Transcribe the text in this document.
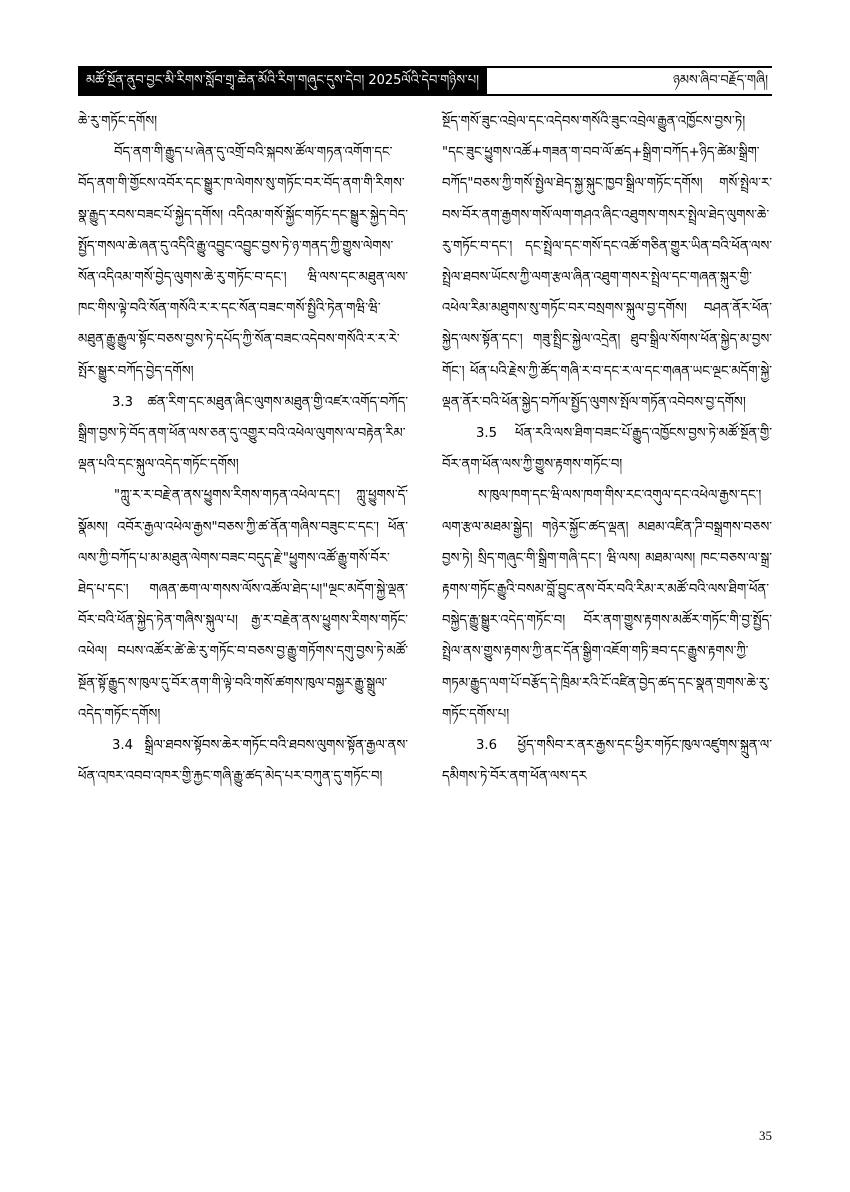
མཚོ་སྔོན་ནུབ་བྱང་མི་རིགས་སློབ་གྲྭ་ཆེན་མོའི་རིག་གཞུང་དུས་དེབ། 2025ལོའི་དེབ་གཉིས་པ།	ཉམས་ཞིབ་བརྗོད་གཞི།

ཆེ་རུ་གཏོང་དགོས།

བོད་ནག་གི་རྒྱུད་པ་ཞེན་དུ་འགྲོ་བའི་སྐབས་ཚོལ་གཏན་འགོག་དང་བོད་ནག་གི་གྱོངས་འབོར་དང་སྒྱུར་ཁ་ལེགས་སུ་གཏོང་བར་བོད་ནག་གི་རིགས་སྣ་རྒྱུད་རབས་བཟང་པོ་སྐྱེད་དགོས། འདིའམ་གསོ་སྐྱོང་གཏོང་དང་སྒྱུར་སྐྱེད་བེད་སྤྱོད་གསལ་ཆེ་ཞན་དུ་འདིའི་རྒྱུ་འབྱུང་འབྱུང་བྱས་ཏེ་ཉ་གནད་ཀྱི་གྱུས་ལེགས་སོན་འདིའམ་གསོ་བྱེད་ལུགས་ཆེ་རུ་གཏོང་བ་དང་། ཝི་ལས་དང་མཐུན་ལས་ཁང་གིས་ལྟེ་བའི་སོན་གསོའི་ར་ར་དང་སོན་བཟང་གསོ་སྤྱིའི་ཏེན་གཝི་ཝི་མཐུན་རྒྱུ་རྒྱུལ་སྟོང་བཅས་བྱས་ཏེ་དཔོད་ཀྱི་སོན་བཟང་འདེབས་གསོའི་ར་ར་རེ་སྤོར་སྒྱུར་བཀོད་བྱེད་དགོས།

3.3 ཚན་རིག་དང་མཐུན་ཞིང་ལུགས་མཐུན་གྱི་འཛར་འགོད་བཀོད་སྒྲིག་བྱས་ཏེ་བོད་ནག་ཕོན་ལས་ཅན་དུ་འགྱུར་བའི་འཕེལ་ལུགས་ལ་བརྟེན་རིམ་ལྡན་པའི་དང་སྐུལ་འདེད་གཏོང་དགོས།

"ཀླུ་ར་ར་བརྗེ་ན་ནས་ཕྱུགས་རིགས་གཏན་འཕེལ་དང་། ཀླུ་ཕྱུགས་དོ་སྣོམས། འབོར་རྒྱལ་འཕེལ་རྒྱས"བཅས་ཀྱི་ཚ་ནོན་གཞིས་བཟུང་ང་དང་། ཕོན་ལས་ཀྱི་བཀོད་པ་མ་མཐུན་ལེགས་བཟང་བདུད་རྗེ་"ཕྱུགས་འཚོ་རྒྱུ་གསོ་བོར་ཐེད་པ་དང་། གཞན་ཆག་ལ་གསས་ལོས་འཚོལ་ཐེད་པ།"ལྔང་མདོག་སྐྱེ་ལྡན་བོར་བའི་ཕོན་སྐྱེད་ཏེན་གཞིས་སྐུལ་པ། རྒྱ་ར་བརྗེན་ནས་ཕྱུགས་རིགས་གཏོང་འཕེལ། བཔས་འཚོར་ཚེ་ཆེ་རུ་གཏོང་བ་བཅས་བྱ་རྒྱུ་གཏོགས་དགུ་བྱས་ཏེ་མཚོ་སྔོན་སྟོ་རྒྱུད་ས་ཁུལ་དུ་བོར་ནག་གི་ལྟེ་བའི་གསོ་ཚགས་ཁུལ་བསྐྱར་རྒྱུ་སྒྲུལ་འདེད་གཏོང་དགོས།

3.4 སྒྲིལ་ཐབས་སྟོབས་ཆེར་གཏོང་བའི་ཐབས་ལུགས་སྟོན་རྒྱལ་ནས་ཕོན་འཁར་འབབ་འཁར་གྱི་རྐྱང་གཞི་རྒྱུ་ཚད་མེད་པར་བཀུན་དུ་གཏོང་བ།

སྔོད་གསོ་ཟུང་འབྲེལ་དང་འདེབས་གསོའི་ཟུང་འབྲེལ་རྒྱུན་འཁྱོངས་བྱས་ཏེ། "དང་ཟུང་ཕྱུགས་འཚོ+གཟན་ག་བབ་ལོ་ཚད+སྒྲིག་བཀོད+ཉིད་ཚེམ་སྒྲིག་བཀོད"བཅས་ཀྱི་གསོ་སྤྱེལ་ཐེད་སྐྱ་སྐུང་ཁྱབ་སྒྲིལ་གཏོང་དགོས། གསོ་སྤྲེལ་ར་བས་བོར་ནག་རྒྱགས་གསོ་ལག་གཤའ་ཞིང་འཐུགས་གསར་སྤྲེལ་ཐེད་ལུགས་ཆེ་རུ་གཏོང་བ་དང་། དང་སྤྲེལ་དང་གསོ་དང་འཚོ་གཅིན་གྱུར་ཡིན་བའི་ཕོན་ལས་སྤྲེལ་ཐབས་ཡོངས་ཀྱི་ལག་རྩལ་ཞིན་འཐུག་གསར་སྤྲེལ་དང་གཞན་སྐུར་གྱི་འཕེལ་རིམ་མཐུགས་སུ་གཏོང་བར་བསྲགས་སྐུལ་བྱ་དགོས། བཤན་ནོར་ཕོན་སྐྱེད་ལས་སྟོན་དང་། གཟུ་སྤྲིང་སྐྱེལ་འདྲེན། ཐུབ་སྒྲིལ་སོགས་ཕོན་སྐྱེད་མ་བྱས་གོང་། ཕོན་པའི་རྗེས་ཀྱི་ཚོད་གཞི་ར་བ་དང་ར་ལ་དང་གཞན་ཡང་ལྔང་མདོག་སྐྱེ་ལྡན་ནོར་བའི་ཕོན་སྐྱེད་བཀོལ་སྤྱོད་ལུགས་སྤོལ་གཏོན་འབེབས་བྱ་དགོས།

3.5 ཕོན་རའི་ལས་ཐིག་བཟང་པོ་རྒྱུད་འཁྱོངས་བྱས་ཏེ་མཚོ་སྔོན་གྱི་བོར་ནག་ཕོན་ལས་ཀྱི་གྱུས་རྟགས་གཏོང་བ།

ས་ཁུལ་ཁག་དང་ཝི་ལས་ཁག་གིས་རང་འགུལ་དང་འཕེལ་རྒྱས་དང་། ལག་རྩལ་མཐམ་སྒྱེད། གཉེར་སྐྱོང་ཚད་ལྡན། མཐམ་འཛིན་ཌི་བསྒྲགས་བཅས་བྱས་ཏེ། སྲིད་གཞུང་གི་སྒྲིག་གཞི་དང་། ཝི་ལས། མཐམ་ལས། ཁང་བཅས་ལ་སྒྲ་རྟགས་གཏོང་རྒྱུའི་བསམ་བློ་བྱུང་ནས་བོར་བའི་རིམ་ར་མཚོ་བའི་ལས་ཐིག་ཕོན་བསྐྱེད་རྒྱུ་སྒྱུར་འདེད་གཏོང་བ། བོར་ནག་གྱུས་རྟགས་མཚོར་གཏོང་གི་བྱ་སྤྱོད་སྤྲེལ་ནས་གྱུས་རྟགས་ཀྱི་ནང་དོན་སྒྱིག་འཇོག་གཏི་ཟབ་དང་རྒྱུས་རྟགས་ཀྱི་གཏམ་རྒྱུད་ལག་པོ་བརྩོད་དེ་ཁྲིམ་རའི་ངོ་འཛིན་བྱེད་ཚད་དང་སྣན་གྲགས་ཆེ་རུ་གཏོང་དགོས་པ།

3.6 ཕྱོད་གསིབ་ར་ནར་རྒྱས་དང་ཕྱིར་གཏོང་ཁུལ་འཛུགས་སྐྲུན་ལ་དམིགས་ཏེ་བོར་ནག་ཕོན་ལས་དར

35
